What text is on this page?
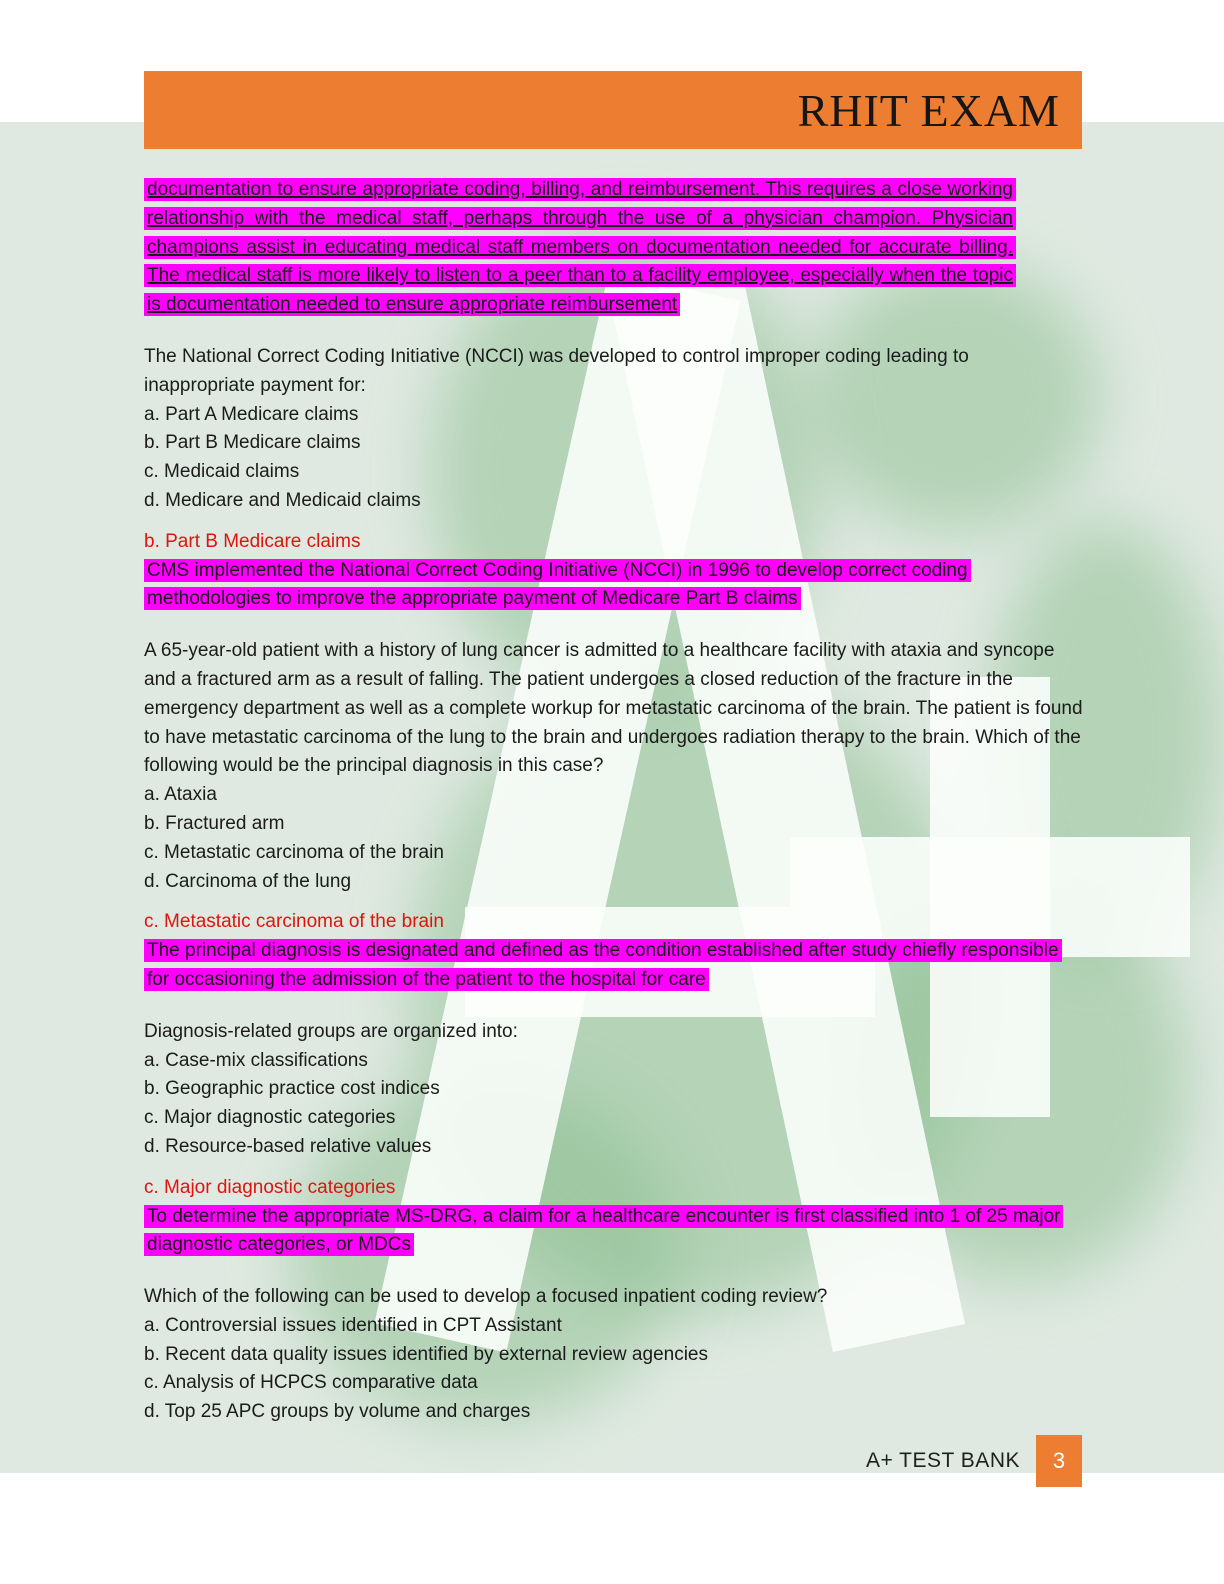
RHIT EXAM

documentation to ensure appropriate coding, billing, and reimbursement. This requires a close working relationship with the medical staff, perhaps through the use of a physician champion. Physician champions assist in educating medical staff members on documentation needed for accurate billing. The medical staff is more likely to listen to a peer than to a facility employee, especially when the topic is documentation needed to ensure appropriate reimbursement

The National Correct Coding Initiative (NCCI) was developed to control improper coding leading to inappropriate payment for:

a. Part A Medicare claims
b. Part B Medicare claims
c. Medicaid claims
d. Medicare and Medicaid claims
b. Part B Medicare claims

CMS implemented the National Correct Coding Initiative (NCCI) in 1996 to develop correct coding methodologies to improve the appropriate payment of Medicare Part B claims

A 65-year-old patient with a history of lung cancer is admitted to a healthcare facility with ataxia and syncope and a fractured arm as a result of falling. The patient undergoes a closed reduction of the fracture in the emergency department as well as a complete workup for metastatic carcinoma of the brain. The patient is found to have metastatic carcinoma of the lung to the brain and undergoes radiation therapy to the brain. Which of the following would be the principal diagnosis in this case?

a. Ataxia
b. Fractured arm
c. Metastatic carcinoma of the brain
d. Carcinoma of the lung
c. Metastatic carcinoma of the brain

The principal diagnosis is designated and defined as the condition established after study chiefly responsible for occasioning the admission of the patient to the hospital for care

Diagnosis-related groups are organized into:

a. Case-mix classifications
b. Geographic practice cost indices
c. Major diagnostic categories
d. Resource-based relative values
c. Major diagnostic categories

To determine the appropriate MS-DRG, a claim for a healthcare encounter is first classified into 1 of 25 major diagnostic categories, or MDCs

Which of the following can be used to develop a focused inpatient coding review?

a. Controversial issues identified in CPT Assistant
b. Recent data quality issues identified by external review agencies
c. Analysis of HCPCS comparative data
d. Top 25 APC groups by volume and charges
A+ TEST BANK 3
